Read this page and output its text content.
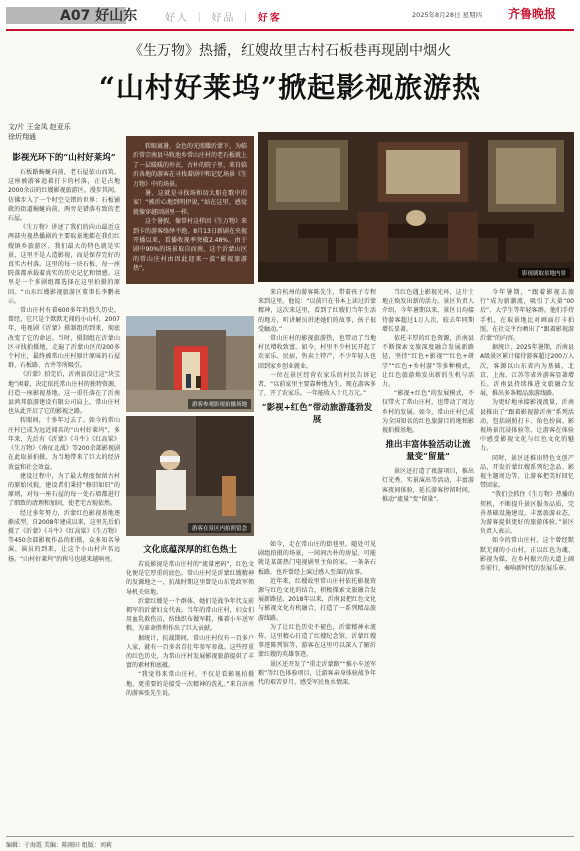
A07 好山东	好人 ｜ 好品 ｜ 好客	2025年8月28日 星期四 齐鲁晚报
《生万物》热播，红嫂故里古村石板巷再现剧中烟火
“山村好莱坞”掀起影视旅游热
文/片 王金凤 赵亚乐
徐圻翔通
影视光环下的“山村好莱坞”

石板路蜿蜒向前，老石屋依山而筑，这座被游客追着打卡的村落，正是占地2000余亩的红嫂影视旅游区。漫步其间，仿佛步入了一个时空交错的世界：石板铺就的街道蜿蜒向前，两旁是错落有致的老石屋。

《生万物》讲述了我们的向山最近这两部央视热播剧的主要取景地都在我们红嫂镇乡旅游区。我们最大的特色就是实景，这里不是人造影视，而是保存完好的真实古村落。这里的每一块石板、每一座院落都承载着真实的历史记忆和情感。这里是一个多剧组都选择在这里拍摄的原因。“山东红嫂影视旅游区董事长李鹏表示。

常山庄村有着600多年的悠久历史，曾经，它只是个默默无闻的小山村。2007年，电视剧《沂蒙》摄制组的到来，彻底改变了它的命运。当时，摄制组在沂蒙山区寻找拍摄地，走遍了沂蒙山区的200多个村庄，最终被常山庄村原汁原味的石屋群、石板路、古井等所吸引。

《沂蒙》拍完后，沂南县没让这“块宝地”闲着，决定依托常山庄村的独特资源，打造一座影视基地。这一重任落在了沂南县鸿邦旅游建设有限公司肩上，常山庄村也从此开启了它的影视之路。

转眼间，十多年过去了。如今的常山庄村已成为远近闻名的“山村好莱坞”，多年来，先后有《沂蒙》《斗牛》《红高粱》《生万物》《南征北战》等200余部影视剧在此取景拍摄，为当地带来了巨大的经济效益和社会效益。

建设过程中，为了最大程度保留古村的原始风貌，建设者们秉持“修旧如旧”的原则，对每一座石屋的每一处石墙都进行了细致的清理和加固，使老宅古貌依然。

经过多年努力，沂蒙红色影视基地逐渐成型，自2008年建成以来，这里先后拍摄了《沂蒙》《斗牛》《红高粱》《生万物》等450余部影视作品的拍摄，众多知名导演、演员的到来，让这个小山村声名远扬。“山村好莱坞”的称号也越来越响亮。

转眼离暑，金色的光照耀沂蒙下，为临沂常宗南县马牧池乡常山庄村的老石板就上了一层暖暖的外衣，古朴的院子里、来自临沂各地的游客在寻找着剧中和记忆场景《生万物》中的场景。

暑、这就是寻找场和切大船在歌中的家！“被沂心地到明伊说，”站在这里，感觉就像穿越回剧里一样。

这个暑假，像常村这样因《生万物》来到卡的游客络绎不绝。8月13日新剧在央视开播以来，看播收视率突破2.48%。由于剧中90%的场景取自而南，这个沂蒙山区的常山庄村由因此迎来一波“影视旅游热”。

影视剧取景地内景
游客参观影视拍摄场地
游客在景区内拍照留念
文化底蕴深厚的红色热土

若说影视是常山庄村的“流量密码”，红色文化便是它厚重的底色。常山庄村是沂蒙红嫂精神的发源地之一，抗战时期这里曾是山东党政军领导机关驻地。

沂蒙红嫂是一个群体，她们是战争年代支前拥军的沂蒙妇女代表。当年的常山庄村，妇女们用血乳救伤员，纺线织布做军鞋，推着小车送军粮，为革命胜利作出了巨大贡献。

据统计，抗战期间，常山庄村仅有一百多户人家，就有一百多名青壮年参军参战。这些厚重的红色历史，为常山庄村发展影视旅游提供了丰富的素材和底蕴。

“我觉得来常山庄村，不仅是看影视拍摄地，更重要的是接受一次精神的洗礼。”来自济南的游客张先生说。

如今，走在常山庄的街巷里，随处可见剧组拍摄的场景，一间间古朴的房屋、可能就是某部热门电视剧里主角的家。一条条石板路，也许曾经上演过感人至深的故事。

近年来，红嫂故里常山庄村依托影视资源与红色文化的结合，积极探索文旅融合发展新路径。2018年以来，沂南县把红色文化与影视文化有机融合，打造了一系列精品旅游线路。

为了让红色历史不褪色，沂蒙精神永流传，这里精心打造了红嫂纪念馆、沂蒙红嫂事迹陈列馆等，游客在这里可以深入了解沂蒙红嫂的英雄事迹。

景区还开发了“重走沂蒙路”“推小车送军粮”等红色体验项目，让游客亲身体验战争年代的艰苦岁月，感受军民鱼水情深。

来自杭州的游客陈先生，带着孩子专程来到这里。他说：“以前只在书本上读过沂蒙精神，这次来这里，看到了红嫂们当年生活的地方，听讲解员讲述她们的故事，孩子很受触动。”

常山庄村的影视旅游热，也带动了当地村民增收致富。如今，村里不少村民开起了农家乐、民宿，售卖土特产，不少年轻人也回到家乡创业就业。

一位在景区经营农家乐的村民告诉记者，“以前家里主要靠种地为生，现在游客多了，开了农家乐，一年能收入十几万元。”

“影视+红色”带动旅游蓬勃发展

当红色遇上影视光环，这片土地正焕发出新的活力。景区负责人介绍，今年暑期以来，景区日均接待游客超过1万人次，较去年同期增长显著。

依托丰厚的红色资源，沂南县不断探索文旅深度融合发展新路径，坚持“红色+影视”“红色+研学”“红色+乡村游”等多种模式，让红色旅游焕发出新的生机与活力。

“影视+红色”的发展模式，不仅带火了常山庄村，也带动了周边乡村的发展。如今，常山庄村已成为全国知名的红色旅游目的地和影视拍摄基地。

推出丰富体验活动让流量变“留量”

景区还打造了夜游项目，推出灯光秀、实景演出等活动，丰富游客夜间体验，延长游客停留时间，推动“流量”变“留量”。

今年暑期，“跟着影视去旅行”成为新潮流，吸引了大量“00后”、大学生等年轻客群。他们手持手机，在取景地比对画面打卡拍照，在社交平台晒出了“跟着影视游沂蒙”的内容。

据统计，2025年暑期，沂南县A级景区累计接待游客超过200万人次，客源以山东省内为基础，北京、上海、江苏等省外游客显著增长。沂南县持续推进文旅融合发展，推出多条精品旅游线路。

为更好地承接影视流量，沂南县推出了“跟着影视游沂南”系列活动，包括剧照打卡、角色扮演、影视场景沉浸体验等，让游客在体验中感受影视文化与红色文化的魅力。

同时，景区还推出特色文创产品，开发沂蒙红嫂系列纪念品、影视主题周边等，让游客把美好回忆带回家。

“我们会抓住《生万物》热播的契机，不断提升景区服务品质，完善基础设施建设，丰富旅游业态，为游客提供更好的旅游体验。”景区负责人表示。

如今的常山庄村，这个曾经默默无闻的小山村，正以红色为魂、影视为媒，在乡村振兴的大道上阔步前行，奏响新时代的发展乐章。

编辑：于海霞 美编：陈刚田 组版：刘莉
